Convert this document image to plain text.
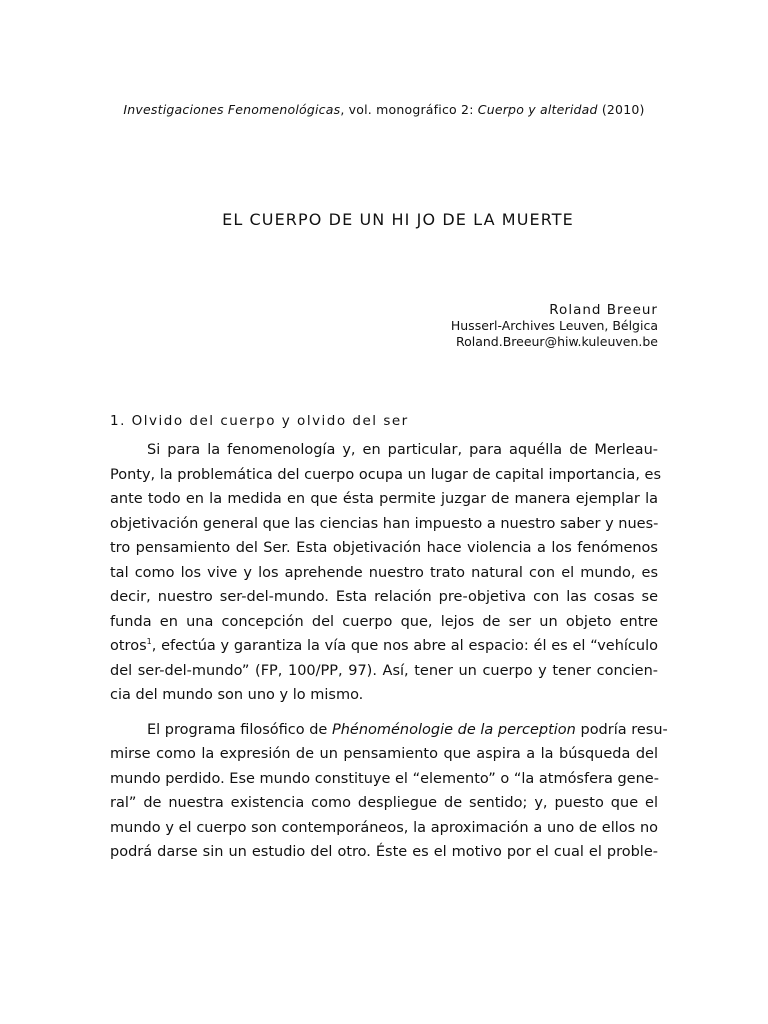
Investigaciones Fenomenológicas, vol. monográfico 2: Cuerpo y alteridad (2010)
EL CUERPO DE UN HI JO DE LA MUERTE
Roland Breeur
Husserl-Archives Leuven, Bélgica
Roland.Breeur@hiw.kuleuven.be
1. Olvido del cuerpo y olvido del ser
Si para la fenomenología y, en particular, para aquélla de Merleau-
Ponty, la problemática del cuerpo ocupa un lugar de capital importancia, es
ante todo en la medida en que ésta permite juzgar de manera ejemplar la
objetivación general que las ciencias han impuesto a nuestro saber y nues-
tro pensamiento del Ser. Esta objetivación hace violencia a los fenómenos
tal como los vive y los aprehende nuestro trato natural con el mundo, es
decir, nuestro ser-del-mundo. Esta relación pre-objetiva con las cosas se
funda en una concepción del cuerpo que, lejos de ser un objeto entre
otros$^1$, efectúa y garantiza la vía que nos abre al espacio: él es el “vehículo
del ser-del-mundo” (FP, 100/PP, 97). Así, tener un cuerpo y tener concien-
cia del mundo son uno y lo mismo.
El programa filosófico de Phénoménologie de la perception podría resu-
mirse como la expresión de un pensamiento que aspira a la búsqueda del
mundo perdido. Ese mundo constituye el “elemento” o “la atmósfera gene-
ral” de nuestra existencia como despliegue de sentido; y, puesto que el
mundo y el cuerpo son contemporáneos, la aproximación a uno de ellos no
podrá darse sin un estudio del otro. Éste es el motivo por el cual el proble-
